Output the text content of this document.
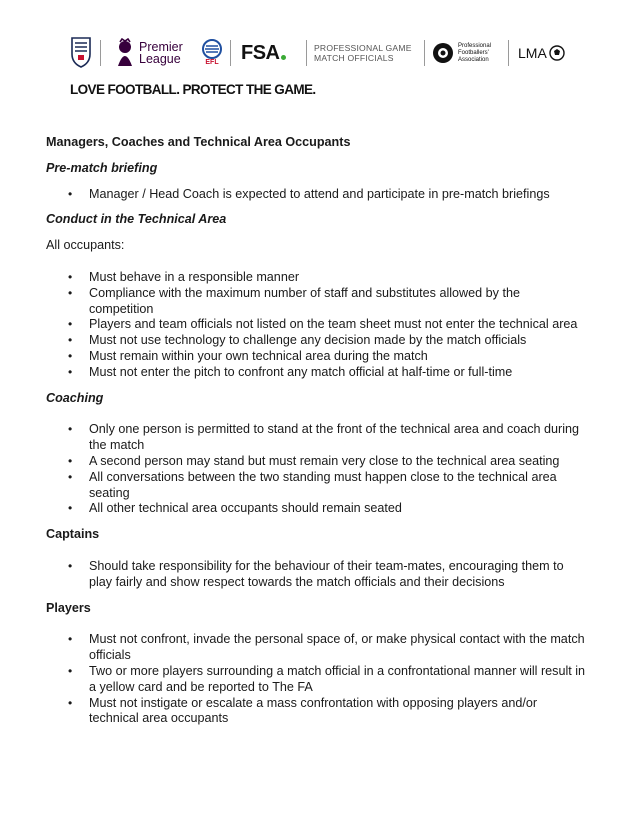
Premier
League	EFL FSA	PROFESSIONAL GAME
MATCH OFFICIALS
Professional
Footballers'
Association LMA
LOVE FOOTBALL. PROTECT THE GAME.
Managers, Coaches and Technical Area Occupants
Pre-match briefing
• Manager / Head Coach is expected to attend and participate in pre-match briefings
Conduct in the Technical Area

All occupants:

• Must behave in a responsible manner
• Compliance with the maximum number of staff and substitutes allowed by the competition
• Players and team officials not listed on the team sheet must not enter the technical area
• Must not use technology to challenge any decision made by the match officials
• Must remain within your own technical area during the match
• Must not enter the pitch to confront any match official at half-time or full-time
Coaching
• Only one person is permitted to stand at the front of the technical area and coach during the match
• A second person may stand but must remain very close to the technical area seating
• All conversations between the two standing must happen close to the technical area seating
• All other technical area occupants should remain seated
Captains
• Should take responsibility for the behaviour of their team-mates, encouraging them to play fairly and show respect towards the match officials and their decisions
Players
• Must not confront, invade the personal space of, or make physical contact with the match officials
• Two or more players surrounding a match official in a confrontational manner will result in a yellow card and be reported to The FA
• Must not instigate or escalate a mass confrontation with opposing players and/or technical area occupants
